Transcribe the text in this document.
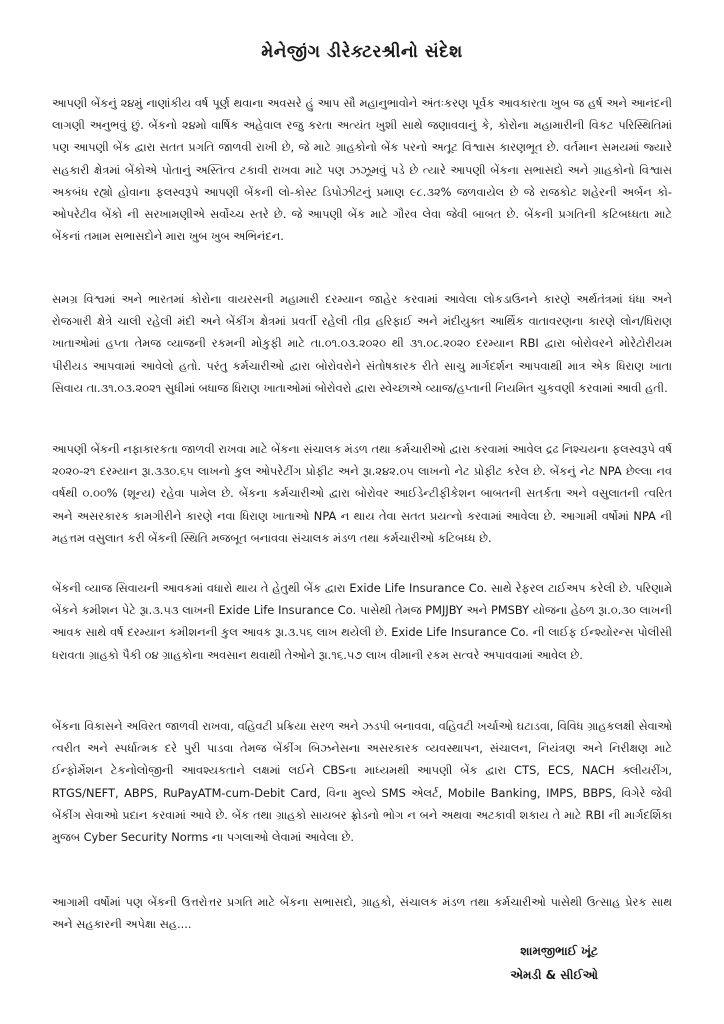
મેનેજીંગ ડીરેક્ટરશ્રીનો સંદેશ

આપણી બેંકનું ૨૪મું નાણાંકીય વર્ષ પૂર્ણ થવાના અવસરે હું આપ સૌ મહાનુભાવોને અંતઃકરણ પૂર્વક આવકારતા ખુબ જ હર્ષ અને આનંદની લાગણી અનુભવું છું. બેંકનો ૨૪મો વાર્ષિક અહેવાલ રજુ કરતા અત્યંત ખુશી સાથે જણાવવાનું કે, કોરોના મહામારીની વિકટ પરિસ્થિતિમાં પણ આપણી બેંક દ્વારા સતત પ્રગતિ જાળવી રાખી છે, જે માટે ગ્રાહકોનો બેંક પરનો અતૂટ વિશ્વાસ કારણભૂત છે. વર્તમાન સમયમાં જ્યારે સહકારી ક્ષેત્રમાં બેંકોએ પોતાનું અસ્તિત્વ ટકાવી રાખવા માટે પણ ઝઝૂમવું પડે છે ત્યારે આપણી બેંકના સભાસદો અને ગ્રાહકોનો વિશ્વાસ અકબંધ રહ્યો હોવાના ફલસ્વરૂપે આપણી બેંકની લો-કોસ્ટ ડિપોઝીટનું પ્રમાણ ૯૮.૩૨% જળવાયેલ છે જે રાજકોટ શહેરની અર્બન કો-ઓપરેટીવ બેંકો ની સરખામણીએ સર્વોચ્ચ સ્તરે છે. જે આપણી બેંક માટે ગૌરવ લેવા જેવી બાબત છે. બેંકની પ્રગતિની કટિબધ્ધતા માટે બેંકનાં તમામ સભાસદોને મારા ખુબ ખુબ અભિનંદન.

સમગ્ર વિશ્વમાં અને ભારતમાં કોરોના વાયરસની મહામારી દરમ્યાન જાહેર કરવામાં આવેલા લોકડાઉનને કારણે અર્થતંત્રમાં ધંધા અને રોજગારી ક્ષેત્રે ચાલી રહેલી મંદી અને બેંકીંગ ક્ષેત્રમાં પ્રવર્તી રહેલી તીવ્ર હરિફાઈ અને મંદીયુક્ત આર્થિક વાતાવરણના કારણે લોન/ધિરાણ ખાતાઓમાં હપ્તા તેમજ વ્યાજની રકમની મોકુફી માટે તા.૦૧.૦૩.૨૦૨૦ થી ૩૧.૦૮.૨૦૨૦ દરમ્યાન RBI દ્વારા બોરોવરને મોરેટોરીયમ પીરીયડ આપવામાં આવેલો હતો. પરંતુ કર્મચારીઓ દ્વારા બોરોવરોને સંતોષકારક રીતે સાચુ માર્ગદર્શન આપવાથી માત્ર એક ધિરાણ ખાતા સિવાય તા.૩૧.૦૩.૨૦૨૧ સુધીમાં બધાજ ધિરાણ ખાતાઓમાં બોરોવરો દ્વારા સ્વેચ્છાએ વ્યાજ/હપ્તાની નિયમિત ચુકવણી કરવામાં આવી હતી.

આપણી બેંકની નફાકારકતા જાળવી રાખવા માટે બેંકના સંચાલક મંડળ તથા કર્મચારીઓ દ્વારા કરવામાં આવેલ દ્રઢ નિશ્ચયના ફલસ્વરૂપે વર્ષ ૨૦૨૦-૨૧ દરમ્યાન રૂા.૩૩૦.૬૫ લાખનો કુલ ઓપરેટીંગ પ્રોફીટ અને રૂા.૨૪૨.૦૫ લાખનો નેટ પ્રોફીટ કરેલ છે. બેંકનું નેટ NPA છેલ્લા નવ વર્ષથી ૦.૦૦% (શૂન્ય) રહેવા પામેલ છે. બેંકના કર્મચારીઓ દ્વારા બોરોવર આઈડેન્ટીફીકેશન બાબતની સતર્કતા અને વસુલાતની ત્વરિત અને અસરકારક કામગીરીને કારણે નવા ધિરાણ ખાતાઓ NPA ન થાય તેવા સતત પ્રયત્નો કરવામાં આવેલા છે. આગામી વર્ષોમાં NPA ની મહત્તમ વસુલાત કરી બેંકની સ્થિતિ મજબૂત બનાવવા સંચાલક મંડળ તથા કર્મચારીઓ કટિબધ્ધ છે.

બેંકની વ્યાજ સિવાયની આવકમાં વધારો થાય તે હેતુથી બેંક દ્વારા Exide Life Insurance Co. સાથે રેફરલ ટાઈઅપ કરેલી છે. પરિણામે બેંકને કમીશન પેટે રૂા.૩.૫૩ લાખની Exide Life Insurance Co. પાસેથી તેમજ PMJJBY અને PMSBY યોજના હેઠળ રૂા.૦.૩૦ લાખની આવક સાથે વર્ષ દરમ્યાન કમીશનની કુલ આવક રૂા.૩.૫૬ લાખ થયેલી છે. Exide Life Insurance Co. ની લાઈફ ઈન્શ્યોરન્સ પોલીસી ધરાવતા ગ્રાહકો પૈકી ૦૪ ગ્રાહકોના અવસાન થવાથી તેઓને રૂા.૧૬.૫૭ લાખ વીમાની રકમ સત્વરે અપાવવામાં આવેલ છે.

બેંકના વિકાસને અવિરત જાળવી રાખવા, વહિવટી પ્રક્રિયા સરળ અને ઝડપી બનાવવા, વહિવટી ખર્ચાઓ ઘટાડવા, વિવિધ ગ્રાહકલક્ષી સેવાઓ ત્વરીત અને સ્પર્ધાત્મક દરે પુરી પાડવા તેમજ બેંકીંગ બિઝનેસના અસરકારક વ્યવસ્થાપન, સંચાલન, નિયંત્રણ અને નિરીક્ષણ માટે ઈન્ફોર્મેશન ટેકનોલોજીની આવશ્યકતાને લક્ષમાં લઈને CBSના માધ્યમથી આપણી બેંક દ્વારા CTS, ECS, NACH ક્લીયરીંગ, RTGS/NEFT, ABPS, RuPayATM-cum-Debit Card, વિના મુલ્યે SMS એલર્ટ, Mobile Banking, IMPS, BBPS, વિગેરે જેવી બેંકીંગ સેવાઓ પ્રદાન કરવામાં આવે છે. બેંક તથા ગ્રાહકો સાયબર ફ્રોડનો ભોગ ન બને અથવા અટકાવી શકાય તે માટે RBI ની માર્ગદર્શિકા મુજબ Cyber Security Norms ના પગલાઓ લેવામાં આવેલા છે.

આગામી વર્ષોમાં પણ બેંકની ઉત્તરોત્તર પ્રગતિ માટે બેંકના સભાસદો, ગ્રાહકો, સંચાલક મંડળ તથા કર્મચારીઓ પાસેથી ઉત્સાહ પ્રેરક સાથ અને સહકારની અપેક્ષા સહ....

શામજીભાઈ ખૂંટ
એમડી & સીઈઓ
